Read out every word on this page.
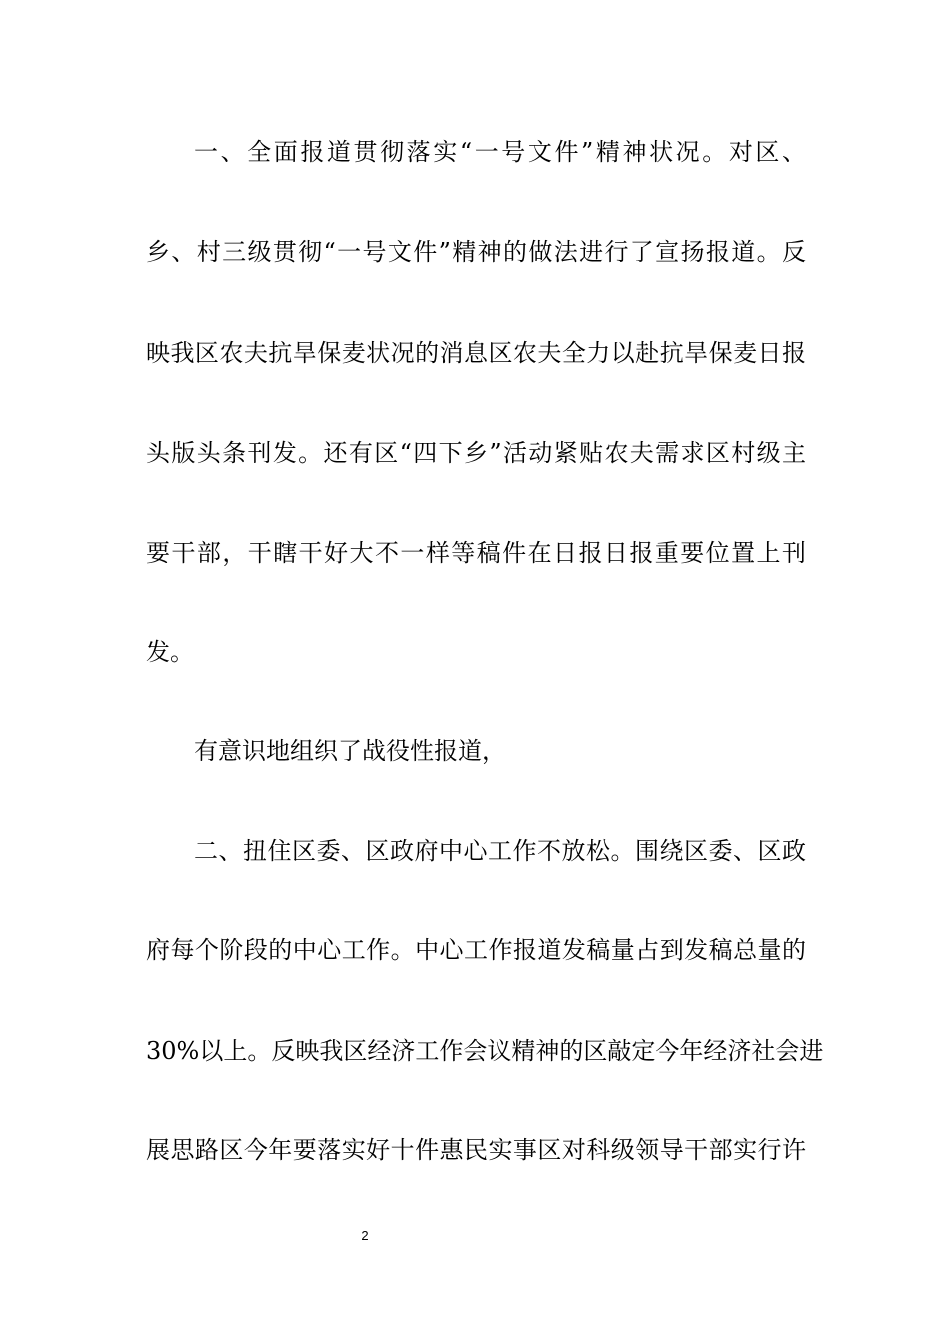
一、全面报道贯彻落实“一号文件”精神状况。对区、
乡、村三级贯彻“一号文件”精神的做法进行了宣扬报道。反
映我区农夫抗旱保麦状况的消息区农夫全力以赴抗旱保麦日报
头版头条刊发。还有区“四下乡”活动紧贴农夫需求区村级主
要干部，干瞎干好大不一样等稿件在日报日报重要位置上刊
发。
有意识地组织了战役性报道，
二、扭住区委、区政府中心工作不放松。围绕区委、区政
府每个阶段的中心工作。中心工作报道发稿量占到发稿总量的
30%以上。反映我区经济工作会议精神的区敲定今年经济社会进
展思路区今年要落实好十件惠民实事区对科级领导干部实行许
2
